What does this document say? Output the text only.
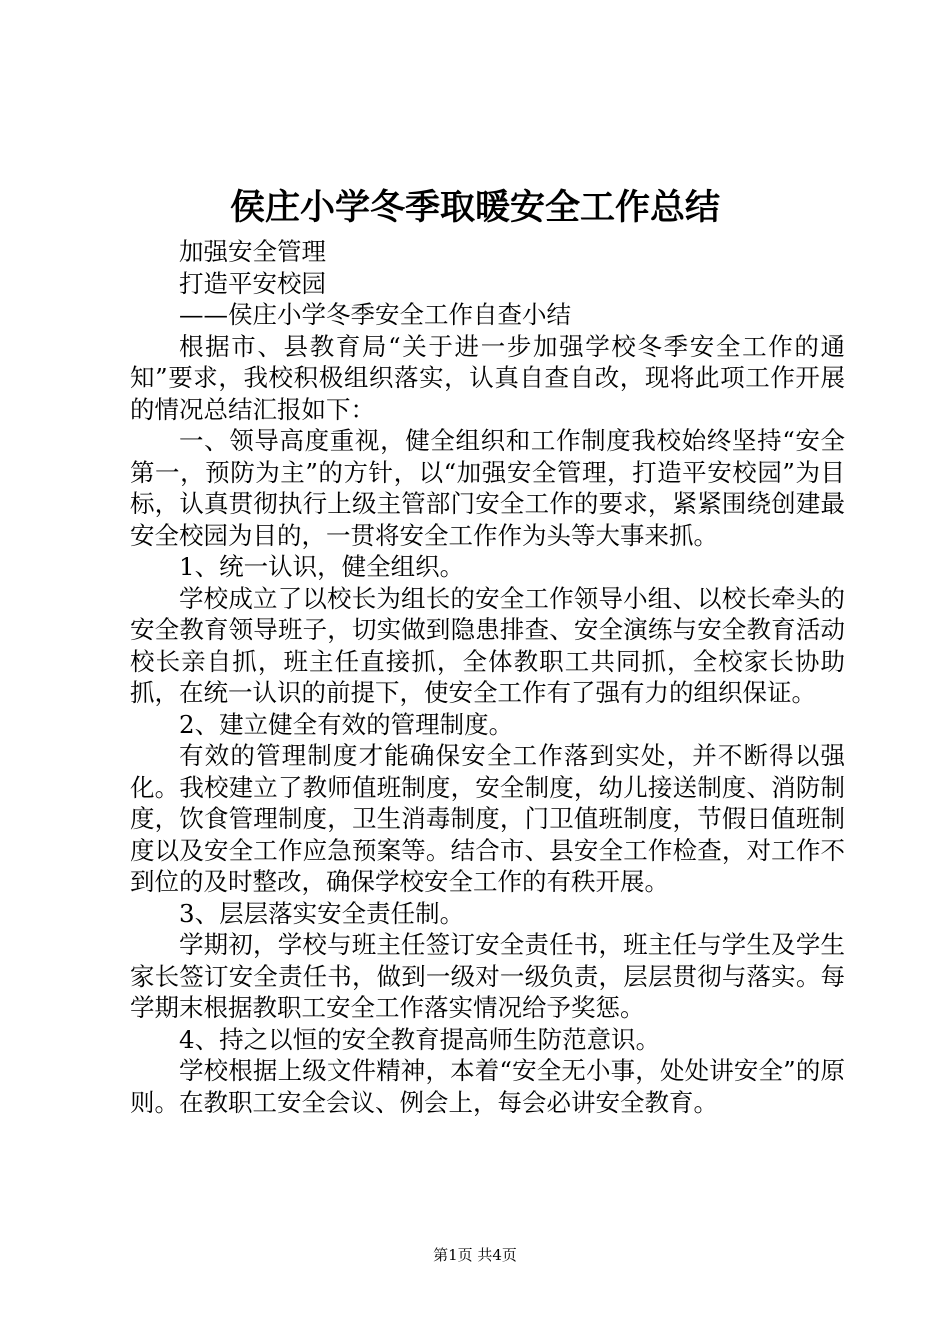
侯庄小学冬季取暖安全工作总结

加强安全管理

打造平安校园

——侯庄小学冬季安全工作自查小结

根据市、县教育局“关于进一步加强学校冬季安全工作的通知”要求，我校积极组织落实，认真自查自改，现将此项工作开展的情况总结汇报如下：

一、领导高度重视，健全组织和工作制度我校始终坚持“安全第一，预防为主”的方针，以“加强安全管理，打造平安校园”为目标，认真贯彻执行上级主管部门安全工作的要求，紧紧围绕创建最安全校园为目的，一贯将安全工作作为头等大事来抓。

1、统一认识，健全组织。

学校成立了以校长为组长的安全工作领导小组、以校长牵头的安全教育领导班子，切实做到隐患排查、安全演练与安全教育活动校长亲自抓，班主任直接抓，全体教职工共同抓，全校家长协助抓，在统一认识的前提下，使安全工作有了强有力的组织保证。

2、建立健全有效的管理制度。

有效的管理制度才能确保安全工作落到实处，并不断得以强化。我校建立了教师值班制度，安全制度，幼儿接送制度、消防制度，饮食管理制度，卫生消毒制度，门卫值班制度，节假日值班制度以及安全工作应急预案等。结合市、县安全工作检查，对工作不到位的及时整改，确保学校安全工作的有秩开展。

3、层层落实安全责任制。

学期初，学校与班主任签订安全责任书，班主任与学生及学生家长签订安全责任书，做到一级对一级负责，层层贯彻与落实。每学期末根据教职工安全工作落实情况给予奖惩。

4、持之以恒的安全教育提高师生防范意识。

学校根据上级文件精神，本着“安全无小事，处处讲安全”的原则。在教职工安全会议、例会上，每会必讲安全教育。

第1页 共4页
